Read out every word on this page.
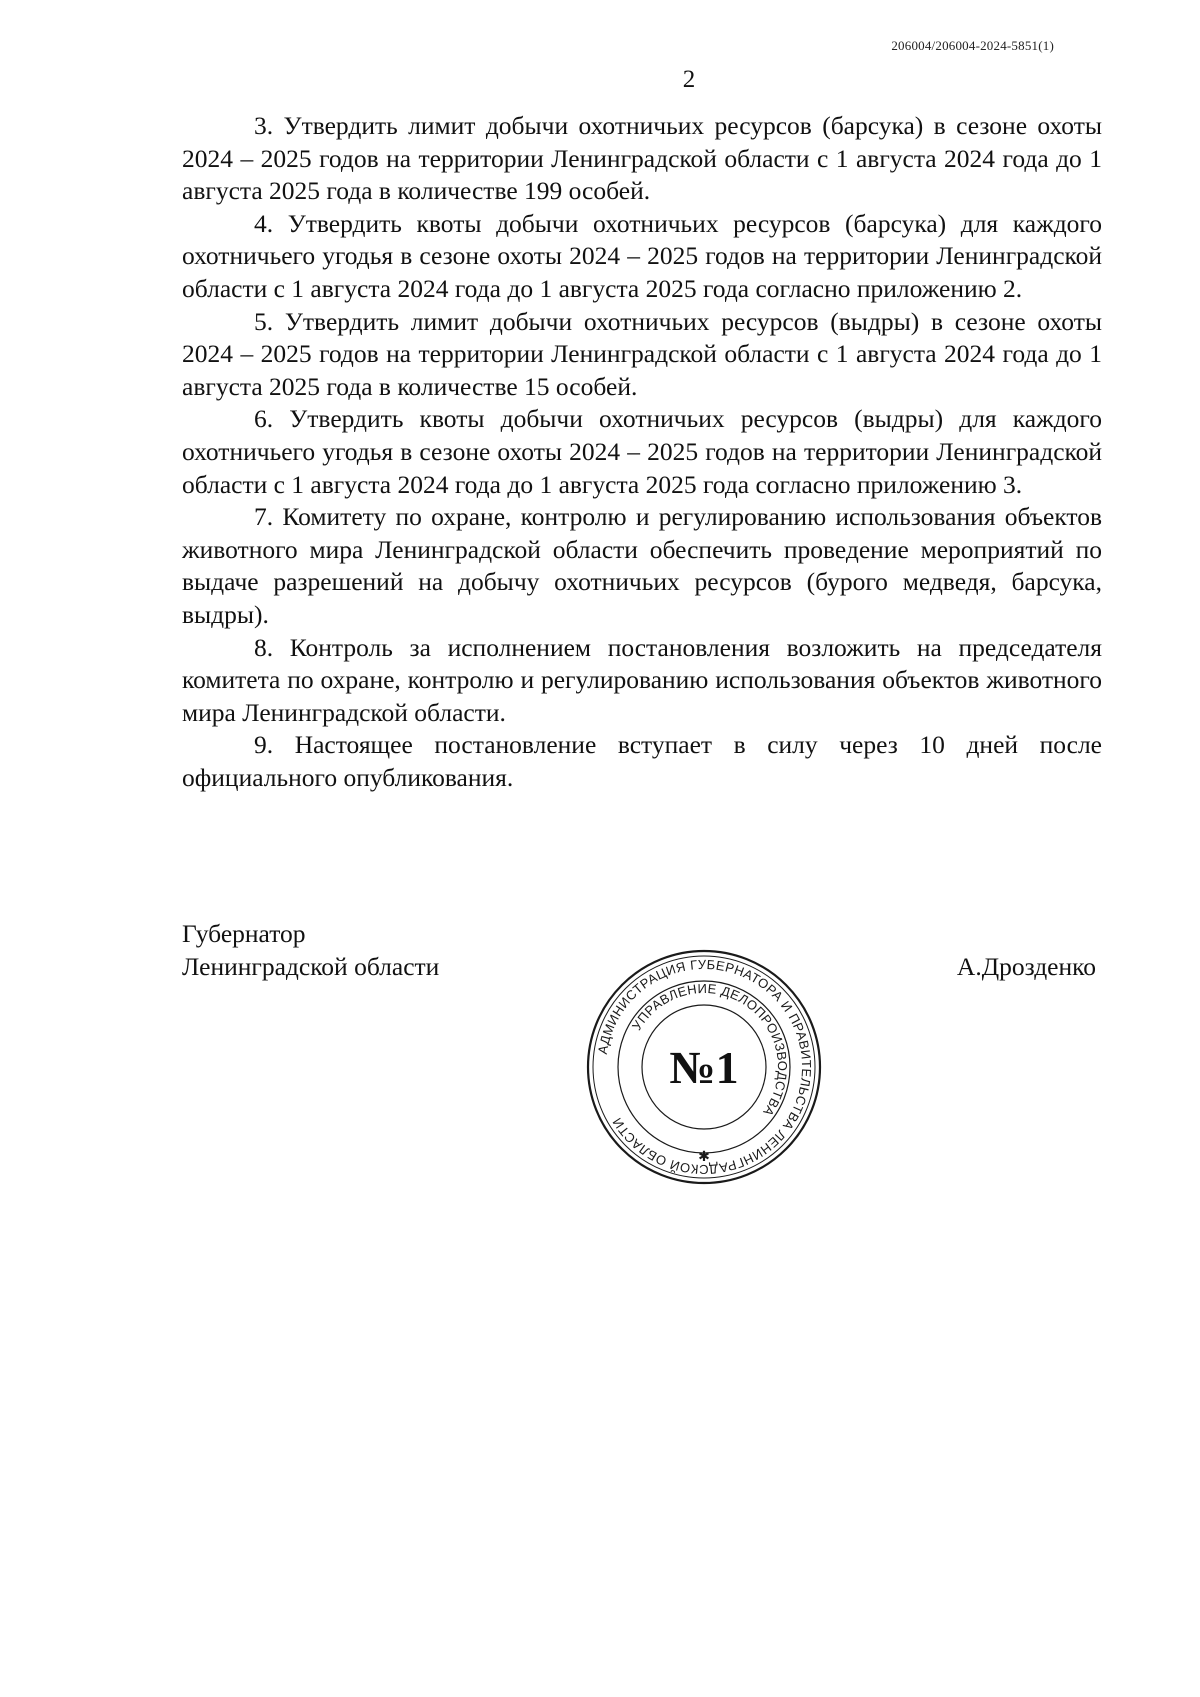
206004/206004-2024-5851(1)
2

3. Утвердить лимит добычи охотничьих ресурсов (барсука) в сезоне охоты 2024 – 2025 годов на территории Ленинградской области с 1 августа 2024 года до 1 августа 2025 года в количестве 199 особей.

4. Утвердить квоты добычи охотничьих ресурсов (барсука) для каждого охотничьего угодья в сезоне охоты 2024 – 2025 годов на территории Ленинградской области с 1 августа 2024 года до 1 августа 2025 года согласно приложению 2.

5. Утвердить лимит добычи охотничьих ресурсов (выдры) в сезоне охоты 2024 – 2025 годов на территории Ленинградской области с 1 августа 2024 года до 1 августа 2025 года в количестве 15 особей.

6. Утвердить квоты добычи охотничьих ресурсов (выдры) для каждого охотничьего угодья в сезоне охоты 2024 – 2025 годов на территории Ленинградской области с 1 августа 2024 года до 1 августа 2025 года согласно приложению 3.

7. Комитету по охране, контролю и регулированию использования объектов животного мира Ленинградской области обеспечить проведение мероприятий по выдаче разрешений на добычу охотничьих ресурсов (бурого медведя, барсука, выдры).

8. Контроль за исполнением постановления возложить на председателя комитета по охране, контролю и регулированию использования объектов животного мира Ленинградской области.

9. Настоящее постановление вступает в силу через 10 дней после официального опубликования.

Губернатор
Ленинградской области	А.Дрозденко
АДМИНИСТРАЦИЯ ГУБЕРНАТОРА И ПРАВИТЕЛЬСТВА ЛЕНИНГРАДСКОЙ ОБЛАСТИ
УПРАВЛЕНИЕ ДЕЛОПРОИЗВОДСТВА
№1
✱
